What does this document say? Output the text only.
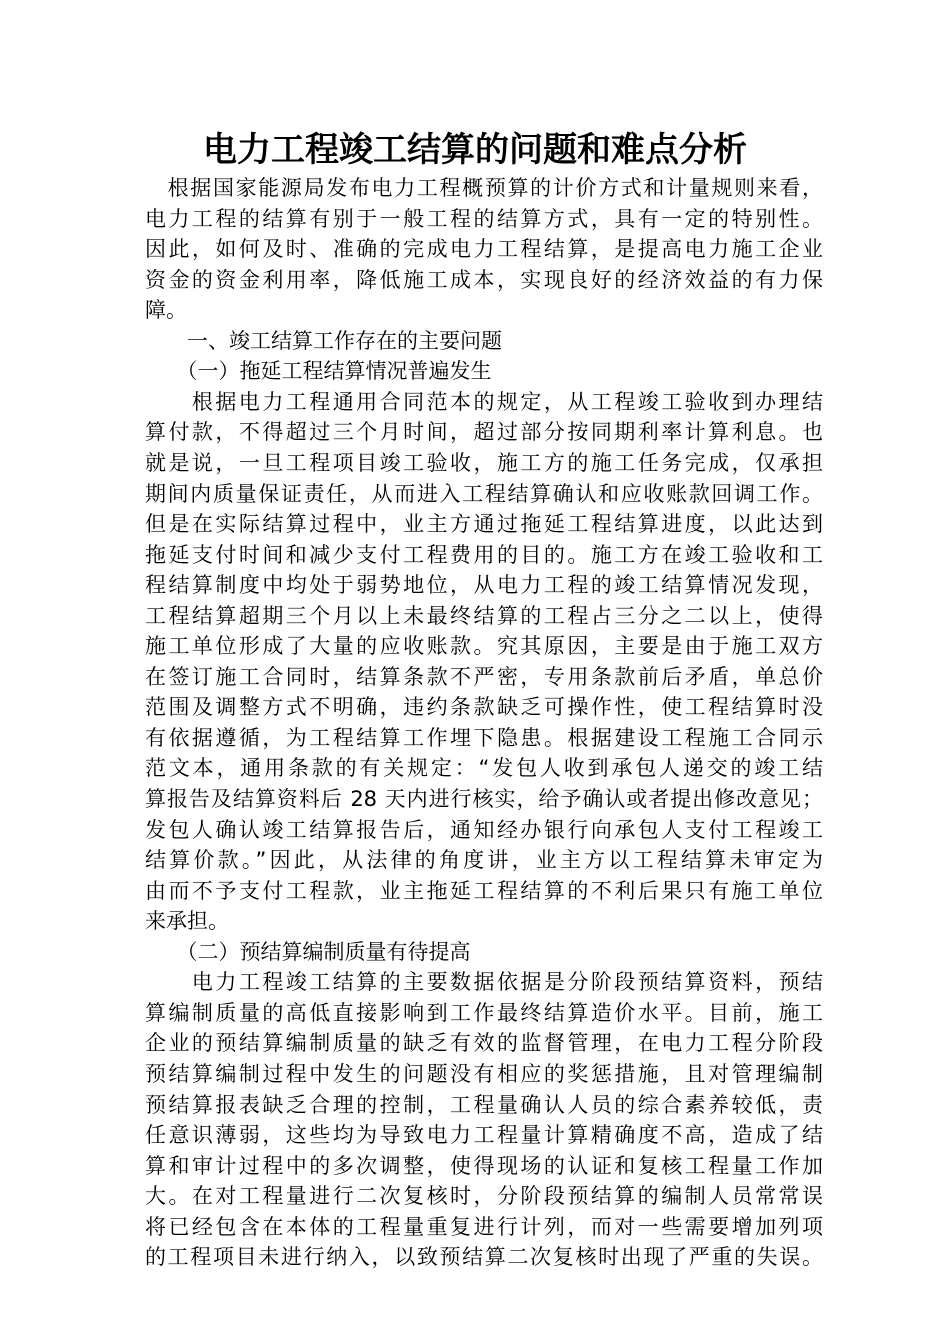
电力工程竣工结算的问题和难点分析

　根据国家能源局发布电力工程概预算的计价方式和计量规则来看，

电力工程的结算有别于一般工程的结算方式，具有一定的特别性。

因此，如何及时、准确的完成电力工程结算，是提高电力施工企业

资金的资金利用率，降低施工成本，实现良好的经济效益的有力保

障。

　　一、竣工结算工作存在的主要问题

　　（一）拖延工程结算情况普遍发生

　　根据电力工程通用合同范本的规定，从工程竣工验收到办理结

算付款，不得超过三个月时间，超过部分按同期利率计算利息。也

就是说，一旦工程项目竣工验收，施工方的施工任务完成，仅承担

期间内质量保证责任，从而进入工程结算确认和应收账款回调工作。

但是在实际结算过程中，业主方通过拖延工程结算进度，以此达到

拖延支付时间和减少支付工程费用的目的。施工方在竣工验收和工

程结算制度中均处于弱势地位，从电力工程的竣工结算情况发现，

工程结算超期三个月以上未最终结算的工程占三分之二以上，使得

施工单位形成了大量的应收账款。究其原因，主要是由于施工双方

在签订施工合同时，结算条款不严密，专用条款前后矛盾，单总价

范围及调整方式不明确，违约条款缺乏可操作性，使工程结算时没

有依据遵循，为工程结算工作埋下隐患。根据建设工程施工合同示

范文本，通用条款的有关规定：“发包人收到承包人递交的竣工结

算报告及结算资料后 28 天内进行核实，给予确认或者提出修改意见；

发包人确认竣工结算报告后，通知经办银行向承包人支付工程竣工

结算价款。”因此，从法律的角度讲，业主方以工程结算未审定为

由而不予支付工程款，业主拖延工程结算的不利后果只有施工单位

来承担。

　　（二）预结算编制质量有待提高

　　电力工程竣工结算的主要数据依据是分阶段预结算资料，预结

算编制质量的高低直接影响到工作最终结算造价水平。目前，施工

企业的预结算编制质量的缺乏有效的监督管理，在电力工程分阶段

预结算编制过程中发生的问题没有相应的奖惩措施，且对管理编制

预结算报表缺乏合理的控制，工程量确认人员的综合素养较低，责

任意识薄弱，这些均为导致电力工程量计算精确度不高，造成了结

算和审计过程中的多次调整，使得现场的认证和复核工程量工作加

大。在对工程量进行二次复核时，分阶段预结算的编制人员常常误

将已经包含在本体的工程量重复进行计列，而对一些需要增加列项

的工程项目未进行纳入，以致预结算二次复核时出现了严重的失误。
